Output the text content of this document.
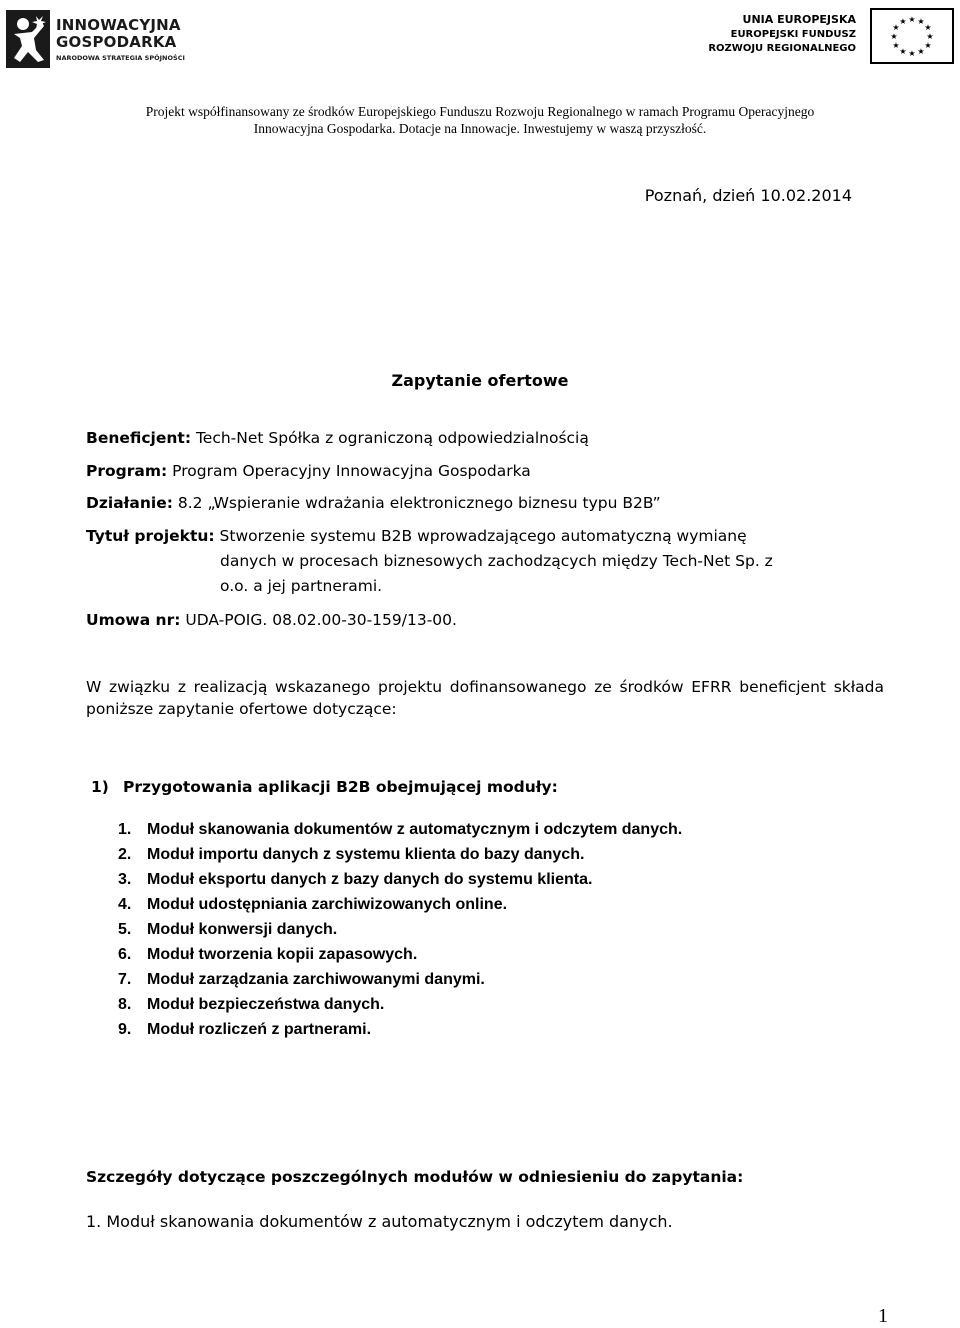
INNOWACYJNA
GOSPODARKA
NARODOWA STRATEGIA SPÓJNOŚCI
UNIA EUROPEJSKA
EUROPEJSKI FUNDUSZ
ROZWOJU REGIONALNEGO
★ ★
★
★
★
★
★
★
★
★
★
★
Projekt współfinansowany ze środków Europejskiego Funduszu Rozwoju Regionalnego w ramach Programu Operacyjnego
Innowacyjna Gospodarka. Dotacje na Innowacje. Inwestujemy w waszą przyszłość.
Poznań, dzień 10.02.2014
Zapytanie ofertowe
Beneficjent: Tech-Net Spółka z ograniczoną odpowiedzialnością
Program: Program Operacyjny Innowacyjna Gospodarka
Działanie: 8.2 „Wspieranie wdrażania elektronicznego biznesu typu B2B”
Tytuł projektu: Stworzenie systemu B2B wprowadzającego automatyczną wymianę
danych w procesach biznesowych zachodzących między Tech-Net Sp. z
o.o. a jej partnerami.
Umowa nr: UDA-POIG. 08.02.00-30-159/13-00.
W związku z realizacją wskazanego projektu dofinansowanego ze środków EFRR beneficjent składa poniższe zapytanie ofertowe dotyczące:
1) Przygotowania aplikacji B2B obejmującej moduły:
1. Moduł skanowania dokumentów z automatycznym i odczytem danych.
2. Moduł importu danych z systemu klienta do bazy danych.
3. Moduł eksportu danych z bazy danych do systemu klienta.
4. Moduł udostępniania zarchiwizowanych online.
5. Moduł konwersji danych.
6. Moduł tworzenia kopii zapasowych.
7. Moduł zarządzania zarchiwowanymi danymi.
8. Moduł bezpieczeństwa danych.
9. Moduł rozliczeń z partnerami.
Szczegóły dotyczące poszczególnych modułów w odniesieniu do zapytania:
1. Moduł skanowania dokumentów z automatycznym i odczytem danych.
1
